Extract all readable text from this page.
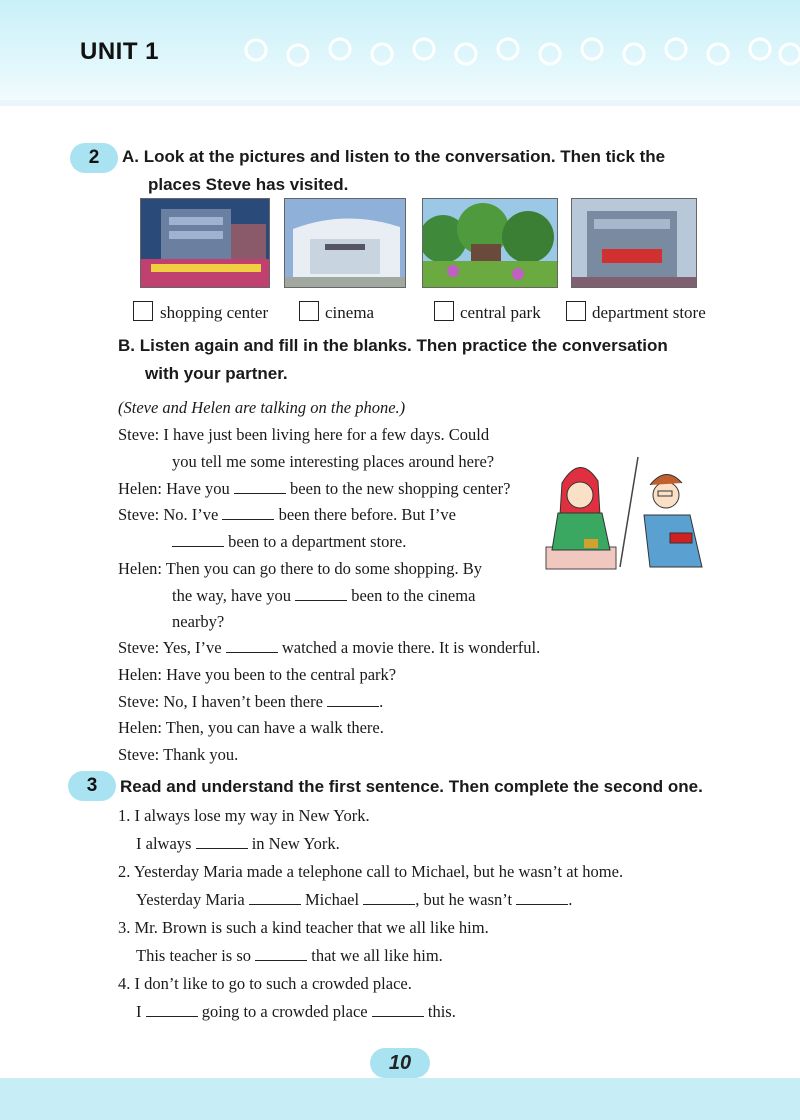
UNIT 1
2	A. Look at the pictures and listen to the conversation. Then tick the
places Steve has visited.
shopping center	cinema	central park	department store
B. Listen again and fill in the blanks. Then practice the conversation
with your partner.
(Steve and Helen are talking on the phone.)
Steve: I have just been living here for a few days. Could
you tell me some interesting places around here?
Helen: Have you	been to the new shopping center?
Steve: No. I’ve	been there before. But I’ve
been to a department store.
Helen: Then you can go there to do some shopping. By
the way, have you	been to the cinema
nearby?
Steve: Yes, I’ve	watched a movie there. It is wonderful.
Helen: Have you been to the central park?
Steve: No, I haven’t been there	.
Helen: Then, you can have a walk there.
Steve: Thank you.
3	Read and understand the first sentence. Then complete the second one.
1. I always lose my way in New York.
I always	in New York.
2. Yesterday Maria made a telephone call to Michael, but he wasn’t at home.
Yesterday Maria	Michael	, but he wasn’t	.
3. Mr. Brown is such a kind teacher that we all like him.
This teacher is so	that we all like him.
4. I don’t like to go to such a crowded place.
I	going to a crowded place	this.
10
